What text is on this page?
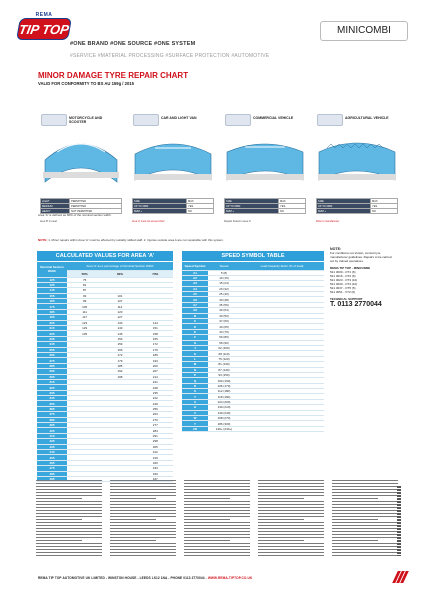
REMA
TIP TOP
#ONE BRAND #ONE SOURCE #ONE SYSTEM
MINICOMBI
#SERVICE #MATERIAL PROCESSING #SURFACE PROTECTION #AUTOMOTIVE
MINOR DAMAGE TYRE REPAIR CHART
VALID FOR CONFORMITY TO BS AU 159g / 2015
MOTORCYCLE AND SCOOTER
LIGHT	PERMITTED
MEDIUM	PERMITTED
HEAVY	NOT PERMITTED
Area 'B' in tread
CAR AND LIGHT VAN
SIZE	MAX
UP TO 6MM	YES
6MM +	NO
Area 'A' must not exceed chart
COMMERCIAL VEHICLE
SIZE	MAX
UP TO 6MM	YES
6MM +	NO
Repairs limited to area 'A'
AGRICULTURAL VEHICLE
SIZE	MAX
UP TO 6MM	YES
6MM +	NO
Refer to manufacturer
Area 'A' is defined as 60% of the nominal section width.
NOTE: 1. Minor repairs within Area 'A' must be effected by suitably skilled staff. 2. Injuries outside area A are not repairable with this system.
CALCULATED VALUES FOR AREA 'A'
Nominal Section Width	Area 'A' as a percentage of Nominal Section Width		
	50%	60%	70%
125	75		
135	81		
145	87		
155	93	101	
165	99	107	
175	105	114	
185	111	120	
195	117	127	
205	123	133	144
215	129	140	151
225	135	146	158
235		153	165
245		159	172
255		166	179
265		172	186
275		179	193
285		185	200
295		192	207
305		198	214
315			221
325			228
335			235
345			242
355			249
365			256
375			263
385			270
395			277
405			284
415			291
425			298
435			305
445			312
455			319
465			326
475			333
485			340

SPEED SYMBOL TABLE
Speed Symbol	Speed	Load Capacity factor (% of load)
A1	5 (8)	
A2	10 (16)	
A3	15 (24)	
A4	20 (32)	
A5	25 (40)	
A6	30 (48)	
A7	35 (56)	
A8	40 (64)	
B	30 (50)	
C	37 (60)	
D	40 (65)	
E	43 (70)	
F	50 (80)	
G	56 (90)	
J	62 (100)	
K	68 (110)	
L	75 (120)	
M	81 (130)	
N	87 (140)	
P	93 (150)	
Q	100 (160)	
R	106 (170)	
S	112 (180)	
T	118 (190)	
U	124 (200)	
H	130 (210)	
V	149 (240)	
W	168 (270)	
Y	186 (300)	
ZR	149+ (240+)	
NOTE:
For conditions not shown, consult tyre manufacturer guidelines. Repairs to be carried out by trained operatives.
REMA TIP TOP - MINICOMBI
521 3009 - OT1 (6)
521 3016 - OT2 (6)
521 3023 - OT3 (10)
521 3030 - OT4 (10)
521 3037 - OT5 (5)
521 3051 - VT2 (6)
TECHNICAL SUPPORT
T. 0113 2770044
REMA TIP TOP AUTOMOTIVE UK LIMITED - WINSTON HOUSE - LEEDS LS12 1NA - PHONE 0113 2770044 - WWW.REMA-TIPTOP.CO.UK
